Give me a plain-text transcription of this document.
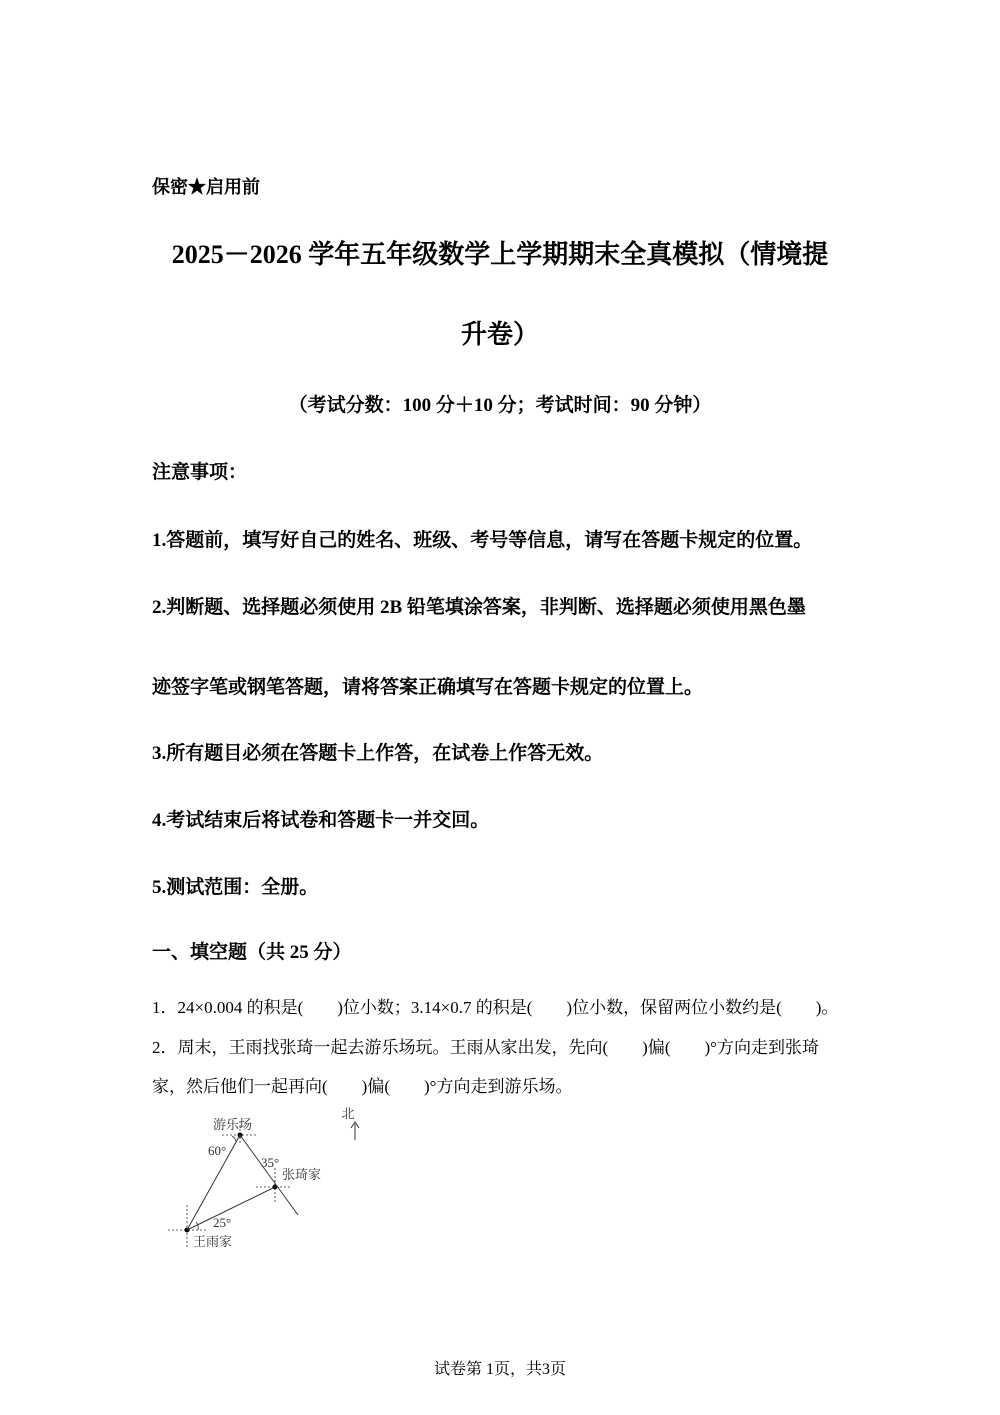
保密★启用前
2025－2026 学年五年级数学上学期期末全真模拟（情境提
升卷）
（考试分数：100 分＋10 分；考试时间：90 分钟）
注意事项：
1.答题前，填写好自己的姓名、班级、考号等信息，请写在答题卡规定的位置。
2.判断题、选择题必须使用 2B 铅笔填涂答案，非判断、选择题必须使用黑色墨
迹签字笔或钢笔答题，请将答案正确填写在答题卡规定的位置上。
3.所有题目必须在答题卡上作答，在试卷上作答无效。
4.考试结束后将试卷和答题卡一并交回。
5.测试范围：全册。
一、填空题（共 25 分）
1．24×0.004 的积是(　　)位小数；3.14×0.7 的积是(　　)位小数，保留两位小数约是(　　)。
2．周末，王雨找张琦一起去游乐场玩。王雨从家出发，先向(　　)偏(　　)°方向走到张琦
家，然后他们一起再向(　　)偏(　　)°方向走到游乐场。
北
游乐场
60°
张琦家
35°
王雨家
25°
试卷第 1页，共3页
